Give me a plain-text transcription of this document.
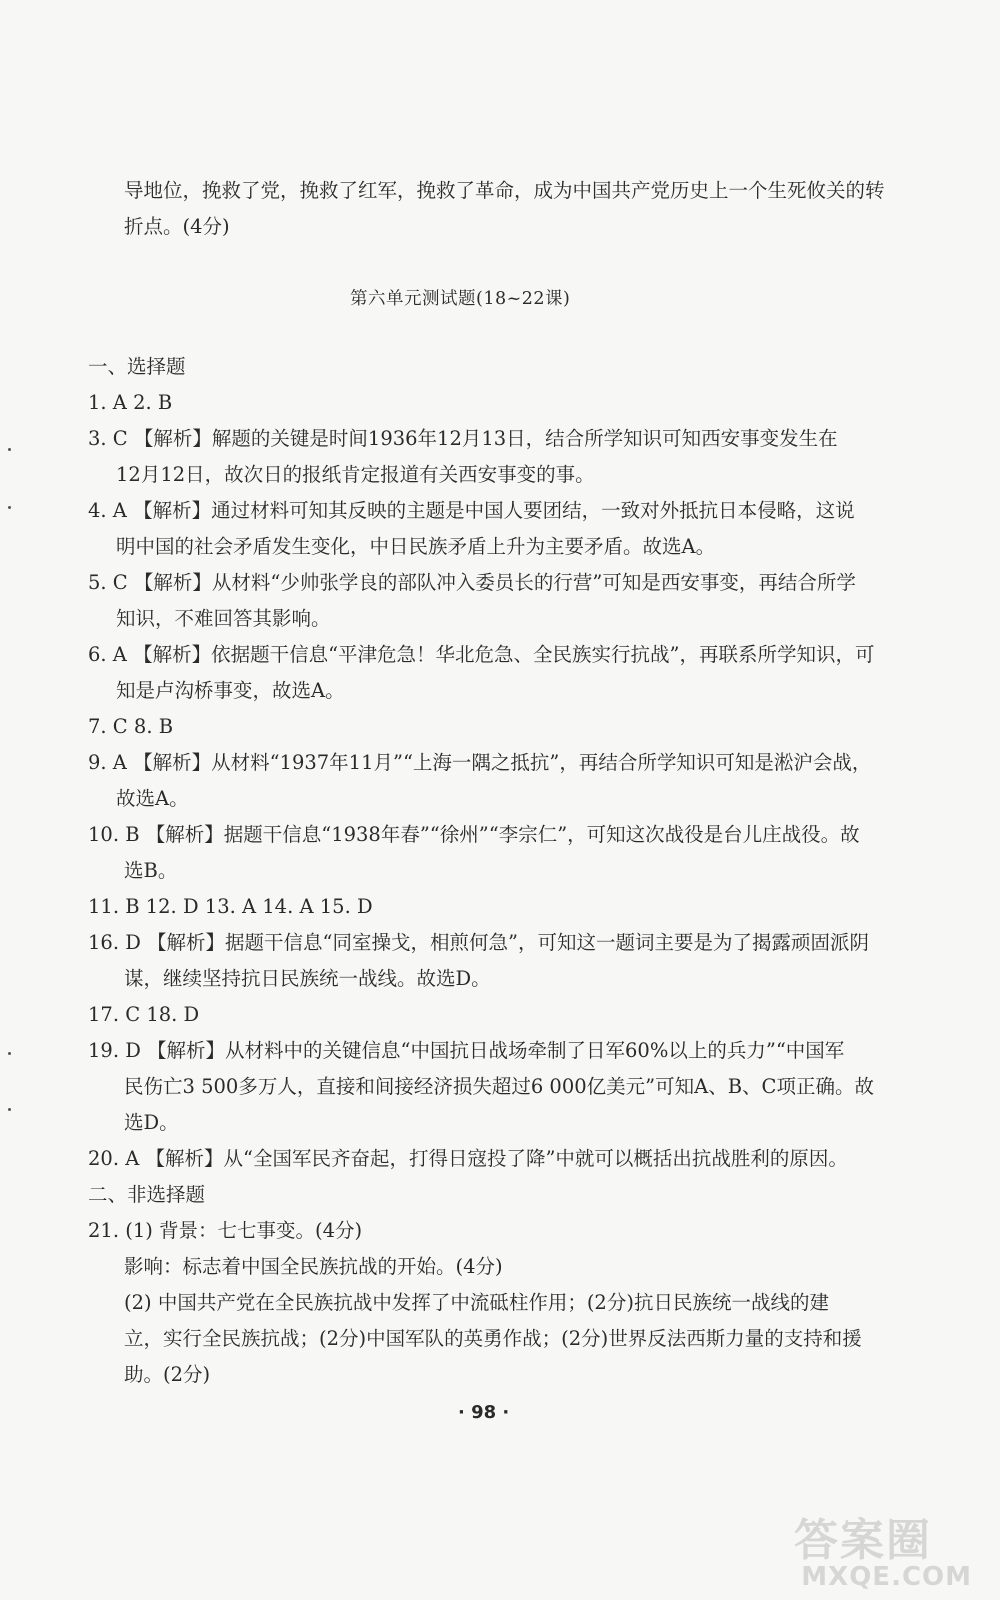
导地位，挽救了党，挽救了红军，挽救了革命，成为中国共产党历史上一个生死攸关的转
折点。(4分)
第六单元测试题(18~22课)
一、选择题
1. A 2. B
3. C 【解析】解题的关键是时间1936年12月13日，结合所学知识可知西安事变发生在
12月12日，故次日的报纸肯定报道有关西安事变的事。
4. A 【解析】通过材料可知其反映的主题是中国人要团结，一致对外抵抗日本侵略，这说
明中国的社会矛盾发生变化，中日民族矛盾上升为主要矛盾。故选A。
5. C 【解析】从材料“少帅张学良的部队冲入委员长的行营”可知是西安事变，再结合所学
知识，不难回答其影响。
6. A 【解析】依据题干信息“平津危急！华北危急、全民族实行抗战”，再联系所学知识，可
知是卢沟桥事变，故选A。
7. C 8. B
9. A 【解析】从材料“1937年11月”“上海一隅之抵抗”，再结合所学知识可知是淞沪会战，
故选A。
10. B 【解析】据题干信息“1938年春”“徐州”“李宗仁”，可知这次战役是台儿庄战役。故
选B。
11. B 12. D 13. A 14. A 15. D
16. D 【解析】据题干信息“同室操戈，相煎何急”，可知这一题词主要是为了揭露顽固派阴
谋，继续坚持抗日民族统一战线。故选D。
17. C 18. D
19. D 【解析】从材料中的关键信息“中国抗日战场牵制了日军60%以上的兵力”“中国军
民伤亡3 500多万人，直接和间接经济损失超过6 000亿美元”可知A、B、C项正确。故
选D。
20. A 【解析】从“全国军民齐奋起，打得日寇投了降”中就可以概括出抗战胜利的原因。
二、非选择题
21. (1) 背景：七七事变。(4分)
影响：标志着中国全民族抗战的开始。(4分)
(2) 中国共产党在全民族抗战中发挥了中流砥柱作用；(2分)抗日民族统一战线的建
立，实行全民族抗战；(2分)中国军队的英勇作战；(2分)世界反法西斯力量的支持和援
助。(2分)
· 98 ·
答案圈
MXQE.COM
